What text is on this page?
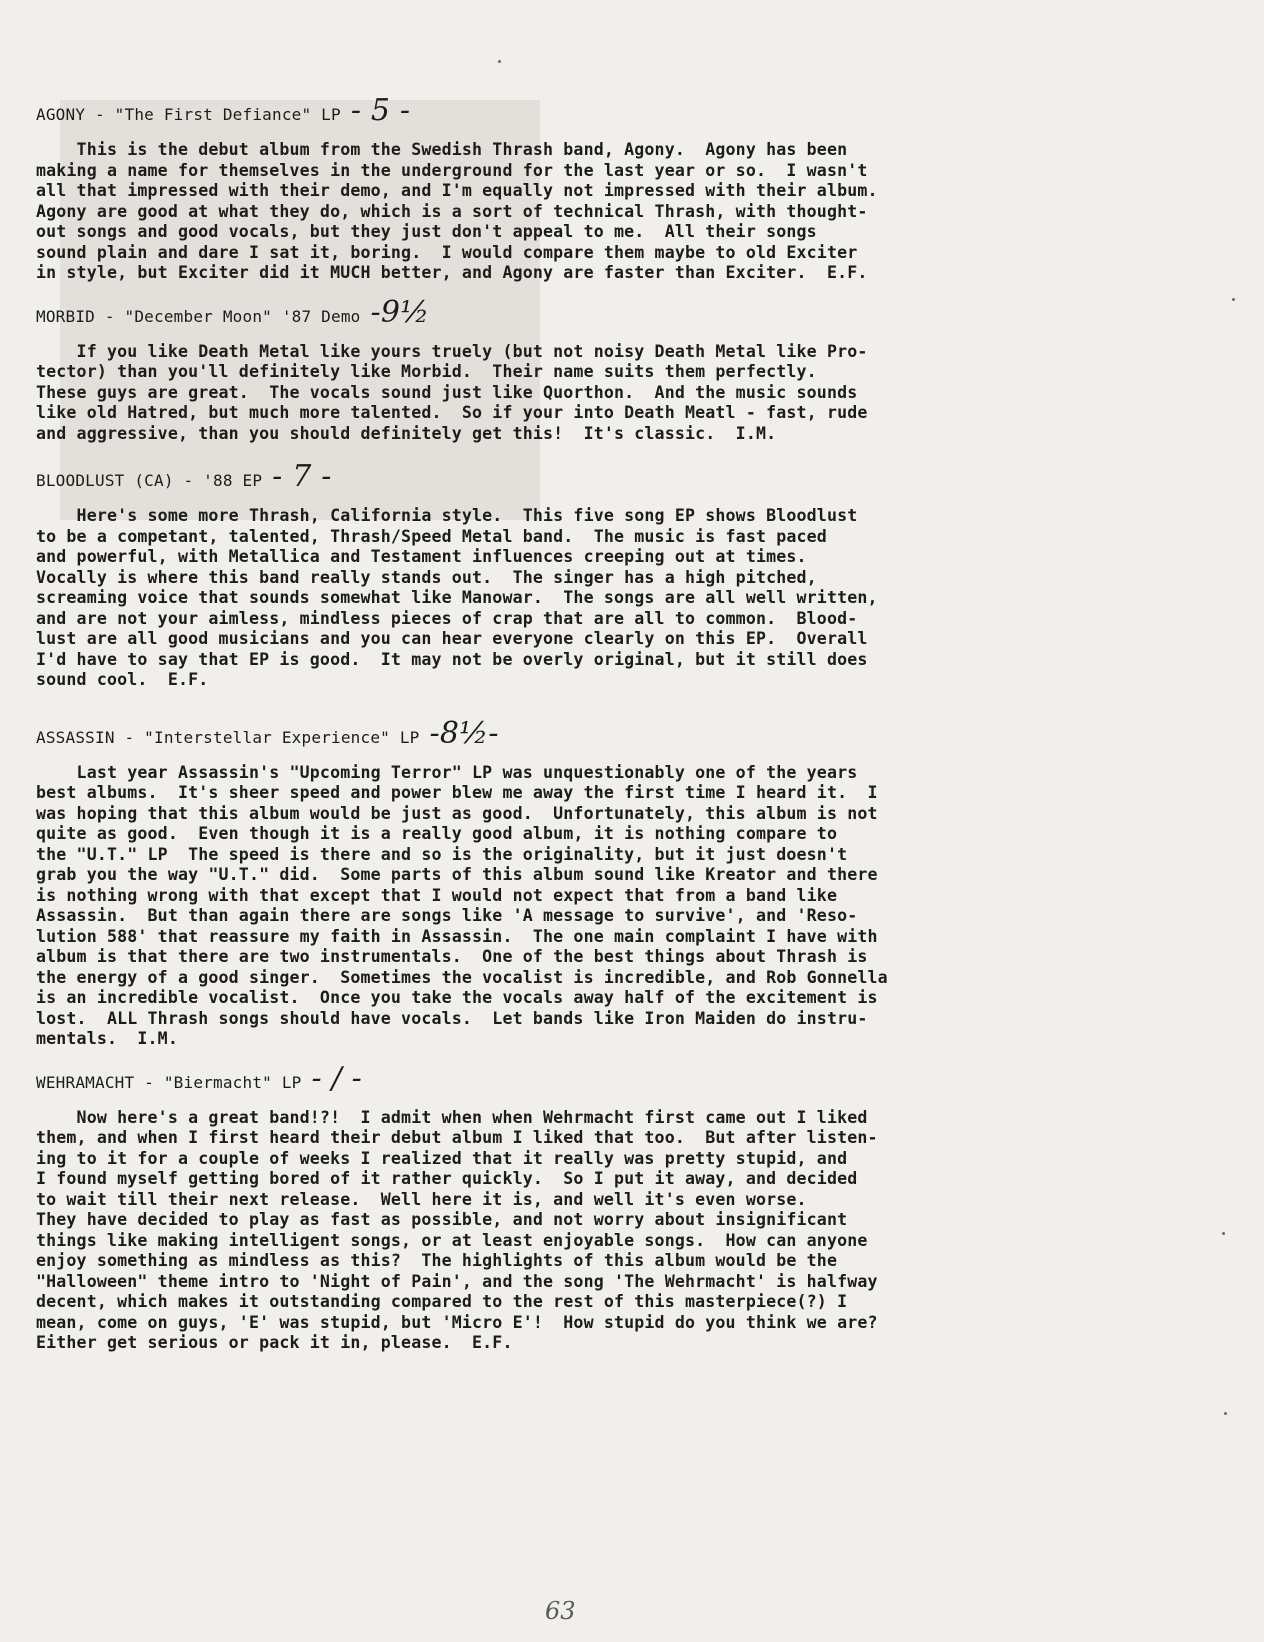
AGONY - "The First Defiance" LP - 5 -
This is the debut album from the Swedish Thrash band, Agony.  Agony has been
making a name for themselves in the underground for the last year or so.  I wasn't
all that impressed with their demo, and I'm equally not impressed with their album.
Agony are good at what they do, which is a sort of technical Thrash, with thought-
out songs and good vocals, but they just don't appeal to me.  All their songs
sound plain and dare I sat it, boring.  I would compare them maybe to old Exciter
in style, but Exciter did it MUCH better, and Agony are faster than Exciter.  E.F.
MORBID - "December Moon" '87 Demo -9½
If you like Death Metal like yours truely (but not noisy Death Metal like Pro-
tector) than you'll definitely like Morbid.  Their name suits them perfectly.
These guys are great.  The vocals sound just like Quorthon.  And the music sounds
like old Hatred, but much more talented.  So if your into Death Meatl - fast, rude
and aggressive, than you should definitely get this!  It's classic.  I.M.
BLOODLUST (CA) - '88 EP - 7 -
Here's some more Thrash, California style.  This five song EP shows Bloodlust
to be a competant, talented, Thrash/Speed Metal band.  The music is fast paced
and powerful, with Metallica and Testament influences creeping out at times.
Vocally is where this band really stands out.  The singer has a high pitched,
screaming voice that sounds somewhat like Manowar.  The songs are all well written,
and are not your aimless, mindless pieces of crap that are all to common.  Blood-
lust are all good musicians and you can hear everyone clearly on this EP.  Overall
I'd have to say that EP is good.  It may not be overly original, but it still does
sound cool.  E.F.
ASSASSIN - "Interstellar Experience" LP -8½-
Last year Assassin's "Upcoming Terror" LP was unquestionably one of the years
best albums.  It's sheer speed and power blew me away the first time I heard it.  I
was hoping that this album would be just as good.  Unfortunately, this album is not
quite as good.  Even though it is a really good album, it is nothing compare to
the "U.T." LP  The speed is there and so is the originality, but it just doesn't
grab you the way "U.T." did.  Some parts of this album sound like Kreator and there
is nothing wrong with that except that I would not expect that from a band like
Assassin.  But than again there are songs like 'A message to survive', and 'Reso-
lution 588' that reassure my faith in Assassin.  The one main complaint I have with
album is that there are two instrumentals.  One of the best things about Thrash is
the energy of a good singer.  Sometimes the vocalist is incredible, and Rob Gonnella
is an incredible vocalist.  Once you take the vocals away half of the excitement is
lost.  ALL Thrash songs should have vocals.  Let bands like Iron Maiden do instru-
mentals.  I.M.
WEHRAMACHT - "Biermacht" LP - / -
Now here's a great band!?!  I admit when when Wehrmacht first came out I liked
them, and when I first heard their debut album I liked that too.  But after listen-
ing to it for a couple of weeks I realized that it really was pretty stupid, and
I found myself getting bored of it rather quickly.  So I put it away, and decided
to wait till their next release.  Well here it is, and well it's even worse.
They have decided to play as fast as possible, and not worry about insignificant
things like making intelligent songs, or at least enjoyable songs.  How can anyone
enjoy something as mindless as this?  The highlights of this album would be the
"Halloween" theme intro to 'Night of Pain', and the song 'The Wehrmacht' is halfway
decent, which makes it outstanding compared to the rest of this masterpiece(?) I
mean, come on guys, 'E' was stupid, but 'Micro E'!  How stupid do you think we are?
Either get serious or pack it in, please.  E.F.
63
